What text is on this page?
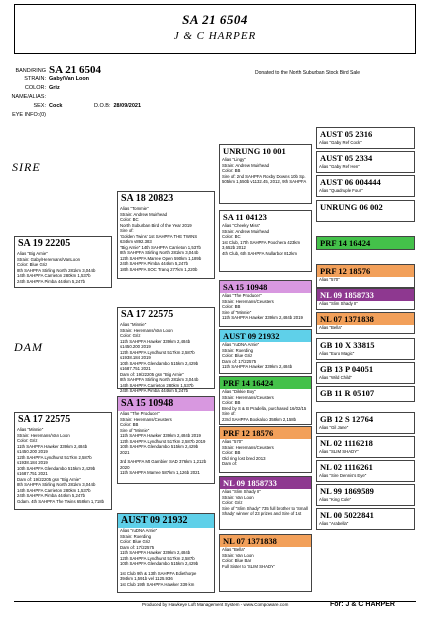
SA 21 6504
J & C HARPER
BAND/RING SA 21 6504
STRAIN: Gaby/Van Loon
COLOR: Griz
NAME/ALIAS:
SEX: Cock	D.O.B: 28/09/2021
EYE INFO:(0)
Donated to the North Suburban Stock Bird Sale
SIRE
DAM
SA 19 22205
Alias "Big Arnie"
Strain: Gaby/Heremans/VanLoon
Color: Blue Griz
8th SAHPFA Stirling North 281km 3,044b
14th SAHPFA Carrieton 280km 1,537b
24th SAHPFA Pimba 444km 5,247b
SA 17 22575
Alias "Minnie"
Strain: Heremans/Van Loon
Color: Griz
11th SAHPFA Hawker 339km 2,484b
s1450.200 2019
12th SAHPFA Lyndhurst 517km 2,587b
s1938.184 2019
10th SAHPFA Glendambo 515km 2,429b
s1687.751 2021
Dam of: 19/22205 gsn "Big Arnie"
8th SAHPFA Stirling North 281km 3,044b
14th SAHPFA Carrieton 280km 1,537b
24th SAHPFA Pimba 444km 5,247b
Gdam. 4th SAHPFA The Twins 658km 1,718b
SA 18 20823
Alias "Tommie"
Strain: Andrew Muirhead
Color: BC
North Suburban Bird of the Year 2019
Sire of:
'Golden Twins' 1st SAHPFA THE TWINS
634km v892.383
"Big Arnie" 14th SAHPFA Carrieton 1,537b
8th SAHPFA Stirling North 281km 3,044b
12th SAHPFA Marree Open 590km 1,189b
24th SAHPFA Pimba 444km 5,247b
18th SAHPFA SOC Tranq 277km 1,220b
SA 17 22575
Alias "Minnie"
Strain: Heremans/Van Loon
Color: Griz
11th SAHPFA Hawker 339km 2,484b
s1450.200 2019
12th SAHPFA Lyndhurst 517km 2,587b
s1938.184 2019
10th SAHPFA Glendambo 515km 2,429b
s1687.751 2021
Dam of: 19/22205 gsn "Big Arnie"
8th SAHPFA Stirling North 281km 3,044b
14th SAHPFA Carrieton 280km 1,537b
24th SAHPFA Pimba 444km 5,247b
SA 15 10948
Alias "The Producer"
Strain: Heremans/Ceusters
Color: BB
Sire of "Minnie"
11th SAHPFA Hawker 339km 2,484b 2019
12th SAHPFA Lyndhurst 517km 2,587b 2019
10th SAHPFA Glendambo 515km 2,429b
2021
3rd SAHPFA Mt Gambier SAD 376km 1,212b
2020
11th SAHPFA Marree 587km 1,126b 2021
AUST 09 21932
Alias "ruDNA Arnie"
Strain: Roerding
Color: Blue Griz
Dam of: 17/22575
11th SAHPFA Hawker 339km 2,484b
12th SAHPFA Lyndhurst 517km 2,587b
10th SAHPFA Glendambo 515km 2,429b
1st Club 9th & 13th SAHPFA Ediethorpe
394km 1,591b vel 1125.936
1st Club 19th SAHPFA Hawker 339 km
UNRUNG 10 001
Alias "Lingy"
Strain: Andrew Muirhead
Color: BB
Sire of: 2nd SAHPFA Roxby Downs 10b Sp.
505km 1,550b v1132.45, 2012, 9th SAHPFA
SA 11 04123
Alias "Cheeky Miss"
Strain: Andrew Muirhead
Color: BC
1st Club, 17th SAHPFA Poochera 423km
3,652b 2012
4th Club, 6th SAHPFA Nullarbor 812km
SA 15 10948
Alias "The Producer"
Strain: Heremans/Ceusters
Color: BB
Sire of "Minnie"
11th SAHPFA Hawker 339km 2,484b 2019
AUST 09 21932
Alias "ruDNA Arnie"
Strain: Roerding
Color: Blue Griz
Dam of: 17/22575
11th SAHPFA Hawker 339km 2,484b
PRF 14 16424
Alias "Dikkie Boy"
Strain: Heremans/Ceusters
Color: BB
Bred by S & B Pradella, purchased 16/02/15
Sire of:
23rd SAHPFA Bookaloo 358km 2,158b
PRF 12 18576
Alias "570"
Strain: Heremans/Ceusters
Color: BB
Old ring lost bred 2013
Dam of:
NL 09 1858733
Alias "Slim Shady II"
Strain: Van Loon
Color: Griz
Sire of "Slim Shady" 735 full brother to 'Small
Shady' winner of 23 prizes and Sire of 1st
NL 07 1371838
Alias "Bella"
Strain: Van Loon
Color: Blue Bar
Full Sister to 'SLIM SHADY'
AUST 05 2316
Alias "Gaby Ref Cock"
AUST 05 2334
Alias "Gaby Ref Hen"
AUST 06 004444
Alias "Quadruple Four"
UNRUNG 06 002
PRF 14 16424
PRF 12 18576
Alias "570"
NL 09 1858733
Alias "Slim Shady II"
NL 07 1371838
Alias "Bella"
GB 10 X 33815
Alias "Euro Magic"
GB 13 P 04051
Alias "Wild Child"
GB 11 R 05107
GB 12 S 12764
Alias "Gil Jane"
NL 02 1116218
Alias "SLIM SHADY"
NL 02 1116261
Alias "Sire Dennis's Eye"
NL 99 1869589
Alias "King Cole"
NL 00 5022841
Alias "Arabella"
Produced by Hawkeye Loft Management System - www.Compoware.com	For: J & C HARPER
